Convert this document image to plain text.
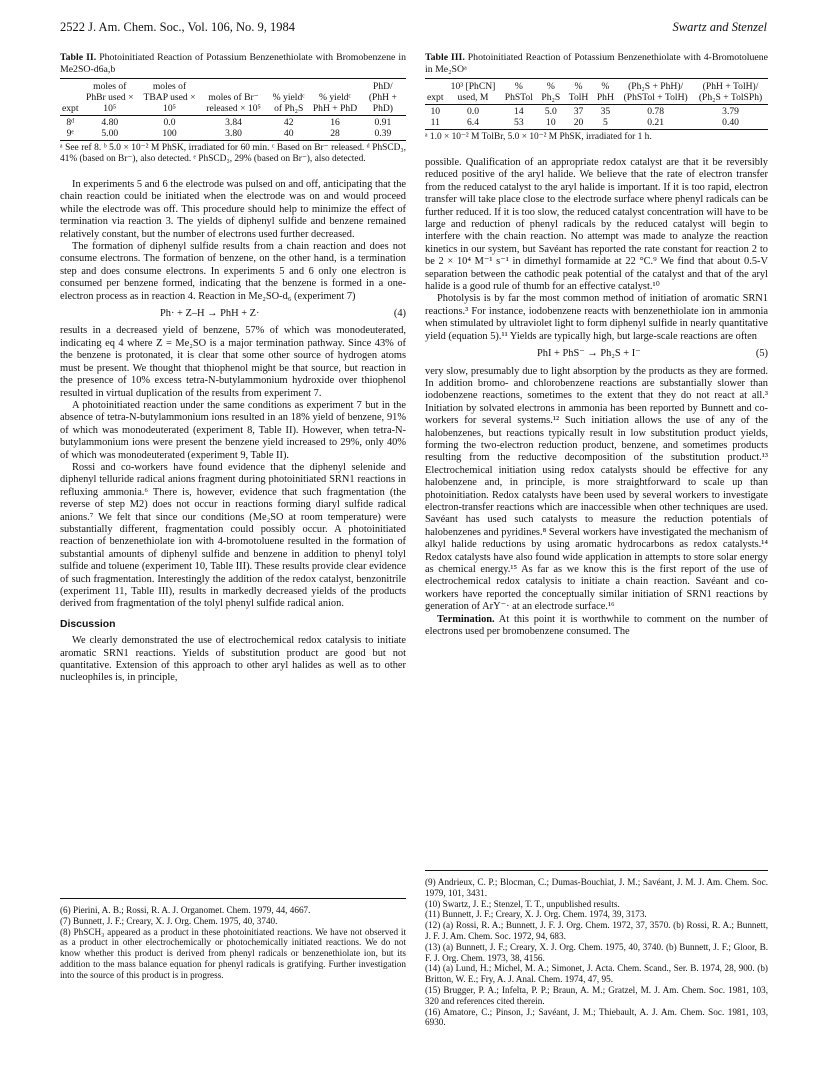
2522 J. Am. Chem. Soc., Vol. 106, No. 9, 1984	Swartz and Stenzel
Table II. Photoinitiated Reaction of Potassium Benzenethiolate with Bromobenzene in Me2SO-d6a,b
expt	moles of PhBr used × 10⁵	moles of TBAP used × 10⁵	moles of Br⁻ released × 10⁵	% yieldᶜ of Ph₂S	% yieldᶜ PhH + PhD	PhD/ (PhH + PhD)
8ᵈ	4.80	0.0	3.84	42	16	0.91
9ᵉ	5.00	100	3.80	40	28	0.39
ᵃ See ref 8. ᵇ 5.0 × 10⁻² M PhSK, irradiated for 60 min. ᶜ Based on Br⁻ released. ᵈ PhSCD₃, 41% (based on Br⁻), also detected. ᵉ PhSCD₃, 29% (based on Br⁻), also detected.

In experiments 5 and 6 the electrode was pulsed on and off, anticipating that the chain reaction could be initiated when the electrode was on and would proceed while the electrode was off. This procedure should help to minimize the effect of termination via reaction 3. The yields of diphenyl sulfide and benzene remained relatively constant, but the number of electrons used further decreased.

The formation of diphenyl sulfide results from a chain reaction and does not consume electrons. The formation of benzene, on the other hand, is a termination step and does consume electrons. In experiments 5 and 6 only one electron is consumed per benzene formed, indicating that the benzene is formed in a one-electron process as in reaction 4. Reaction in Me₂SO-d₆ (experiment 7)

Ph· + Z–H → PhH + Z·	(4)

results in a decreased yield of benzene, 57% of which was monodeuterated, indicating eq 4 where Z = Me₂SO is a major termination pathway. Since 43% of the benzene is protonated, it is clear that some other source of hydrogen atoms must be present. We thought that thiophenol might be that source, but reaction in the presence of 10% excess tetra-N-butylammonium hydroxide over thiophenol resulted in virtual duplication of the results from experiment 7.

A photoinitiated reaction under the same conditions as experiment 7 but in the absence of tetra-N-butylammonium ions resulted in an 18% yield of benzene, 91% of which was monodeuterated (experiment 8, Table II). However, when tetra-N-butylammonium ions were present the benzene yield increased to 29%, only 40% of which was monodeuterated (experiment 9, Table II).

Rossi and co-workers have found evidence that the diphenyl selenide and diphenyl telluride radical anions fragment during photoinitiated SRN1 reactions in refluxing ammonia.⁶ There is, however, evidence that such fragmentation (the reverse of step M2) does not occur in reactions forming diaryl sulfide radical anions.⁷ We felt that since our conditions (Me₂SO at room temperature) were substantially different, fragmentation could possibly occur. A photoinitiated reaction of benzenethiolate ion with 4-bromotoluene resulted in the formation of substantial amounts of diphenyl sulfide and benzene in addition to phenyl tolyl sulfide and toluene (experiment 10, Table III). These results provide clear evidence of such fragmentation. Interestingly the addition of the redox catalyst, benzonitrile (experiment 11, Table III), results in markedly decreased yields of the products derived from fragmentation of the tolyl phenyl sulfide radical anion.

Discussion

We clearly demonstrated the use of electrochemical redox catalysis to initiate aromatic SRN1 reactions. Yields of substitution product are good but not quantitative. Extension of this approach to other aryl halides as well as to other nucleophiles is, in principle,

(6) Pierini, A. B.; Rossi, R. A. J. Organomet. Chem. 1979, 44, 4667.

(7) Bunnett, J. F.; Creary, X. J. Org. Chem. 1975, 40, 3740.

(8) PhSCH₃ appeared as a product in these photoinitiated reactions. We have not observed it as a product in other electrochemically or photochemically initiated reactions. We do not know whether this product is derived from phenyl radicals or benzenethiolate ion, but its addition to the mass balance equation for phenyl radicals is gratifying. Further investigation into the source of this product is in progress.

Table III. Photoinitiated Reaction of Potassium Benzenethiolate with 4-Bromotoluene in Me₂SOᵃ
expt	10³ [PhCN] used, M	% PhSTol	% Ph₂S	% TolH	% PhH	(Ph₂S + PhH)/ (PhSTol + TolH)	(PhH + TolH)/ (Ph₂S + TolSPh)
10	0.0	14	5.0	37	35	0.78	3.79
11	6.4	53	10	20	5	0.21	0.40
ᵃ 1.0 × 10⁻² M TolBr, 5.0 × 10⁻² M PhSK, irradiated for 1 h.

possible. Qualification of an appropriate redox catalyst are that it be reversibly reduced positive of the aryl halide. We believe that the rate of electron transfer from the reduced catalyst to the aryl halide is important. If it is too rapid, electron transfer will take place close to the electrode surface where phenyl radicals can be further reduced. If it is too slow, the reduced catalyst concentration will have to be large and reduction of phenyl radicals by the reduced catalyst will begin to interfere with the chain reaction. No attempt was made to analyze the reaction kinetics in our system, but Savéant has reported the rate constant for reaction 2 to be 2 × 10⁴ M⁻¹ s⁻¹ in dimethyl formamide at 22 °C.⁹ We find that about 0.5-V separation between the cathodic peak potential of the catalyst and that of the aryl halide is a good rule of thumb for an effective catalyst.¹⁰

Photolysis is by far the most common method of initiation of aromatic SRN1 reactions.³ For instance, iodobenzene reacts with benzenethiolate ion in ammonia when stimulated by ultraviolet light to form diphenyl sulfide in nearly quantitative yield (equation 5).¹¹ Yields are typically high, but large-scale reactions are often

PhI + PhS⁻ → Ph₂S + I⁻	(5)

very slow, presumably due to light absorption by the products as they are formed. In addition bromo- and chlorobenzene reactions are substantially slower than iodobenzene reactions, sometimes to the extent that they do not react at all.³ Initiation by solvated electrons in ammonia has been reported by Bunnett and co-workers for several systems.¹² Such initiation allows the use of any of the halobenzenes, but reactions typically result in low substitution product yields, forming the two-electron reduction product, benzene, and sometimes products resulting from the reductive decomposition of the substitution product.¹³ Electrochemical initiation using redox catalysts should be effective for any halobenzene and, in principle, is more straightforward to scale up than photoinitiation. Redox catalysts have been used by several workers to investigate electron-transfer reactions which are inaccessible when other techniques are used. Savéant has used such catalysts to measure the reduction potentials of halobenzenes and pyridines.⁸ Several workers have investigated the mechanism of alkyl halide reductions by using aromatic hydrocarbons as redox catalysts.¹⁴ Redox catalysts have also found wide application in attempts to store solar energy as chemical energy.¹⁵ As far as we know this is the first report of the use of electrochemical redox catalysis to initiate a chain reaction. Savéant and co-workers have reported the conceptually similar initiation of SRN1 reactions by generation of ArY⁻· at an electrode surface.¹⁶

Termination. At this point it is worthwhile to comment on the number of electrons used per bromobenzene consumed. The

(9) Andrieux, C. P.; Blocman, C.; Dumas-Bouchiat, J. M.; Savéant, J. M. J. Am. Chem. Soc. 1979, 101, 3431.

(10) Swartz, J. E.; Stenzel, T. T., unpublished results.

(11) Bunnett, J. F.; Creary, X. J. Org. Chem. 1974, 39, 3173.

(12) (a) Rossi, R. A.; Bunnett, J. F. J. Org. Chem. 1972, 37, 3570. (b) Rossi, R. A.; Bunnett, J. F. J. Am. Chem. Soc. 1972, 94, 683.

(13) (a) Bunnett, J. F.; Creary, X. J. Org. Chem. 1975, 40, 3740. (b) Bunnett, J. F.; Gloor, B. F. J. Org. Chem. 1973, 38, 4156.

(14) (a) Lund, H.; Michel, M. A.; Simonet, J. Acta. Chem. Scand., Ser. B. 1974, 28, 900. (b) Britton, W. E.; Fry, A. J. Anal. Chem. 1974, 47, 95.

(15) Brugger, P. A.; Infelta, P. P.; Braun, A. M.; Gratzel, M. J. Am. Chem. Soc. 1981, 103, 320 and references cited therein.

(16) Amatore, C.; Pinson, J.; Savéant, J. M.; Thiebault, A. J. Am. Chem. Soc. 1981, 103, 6930.
